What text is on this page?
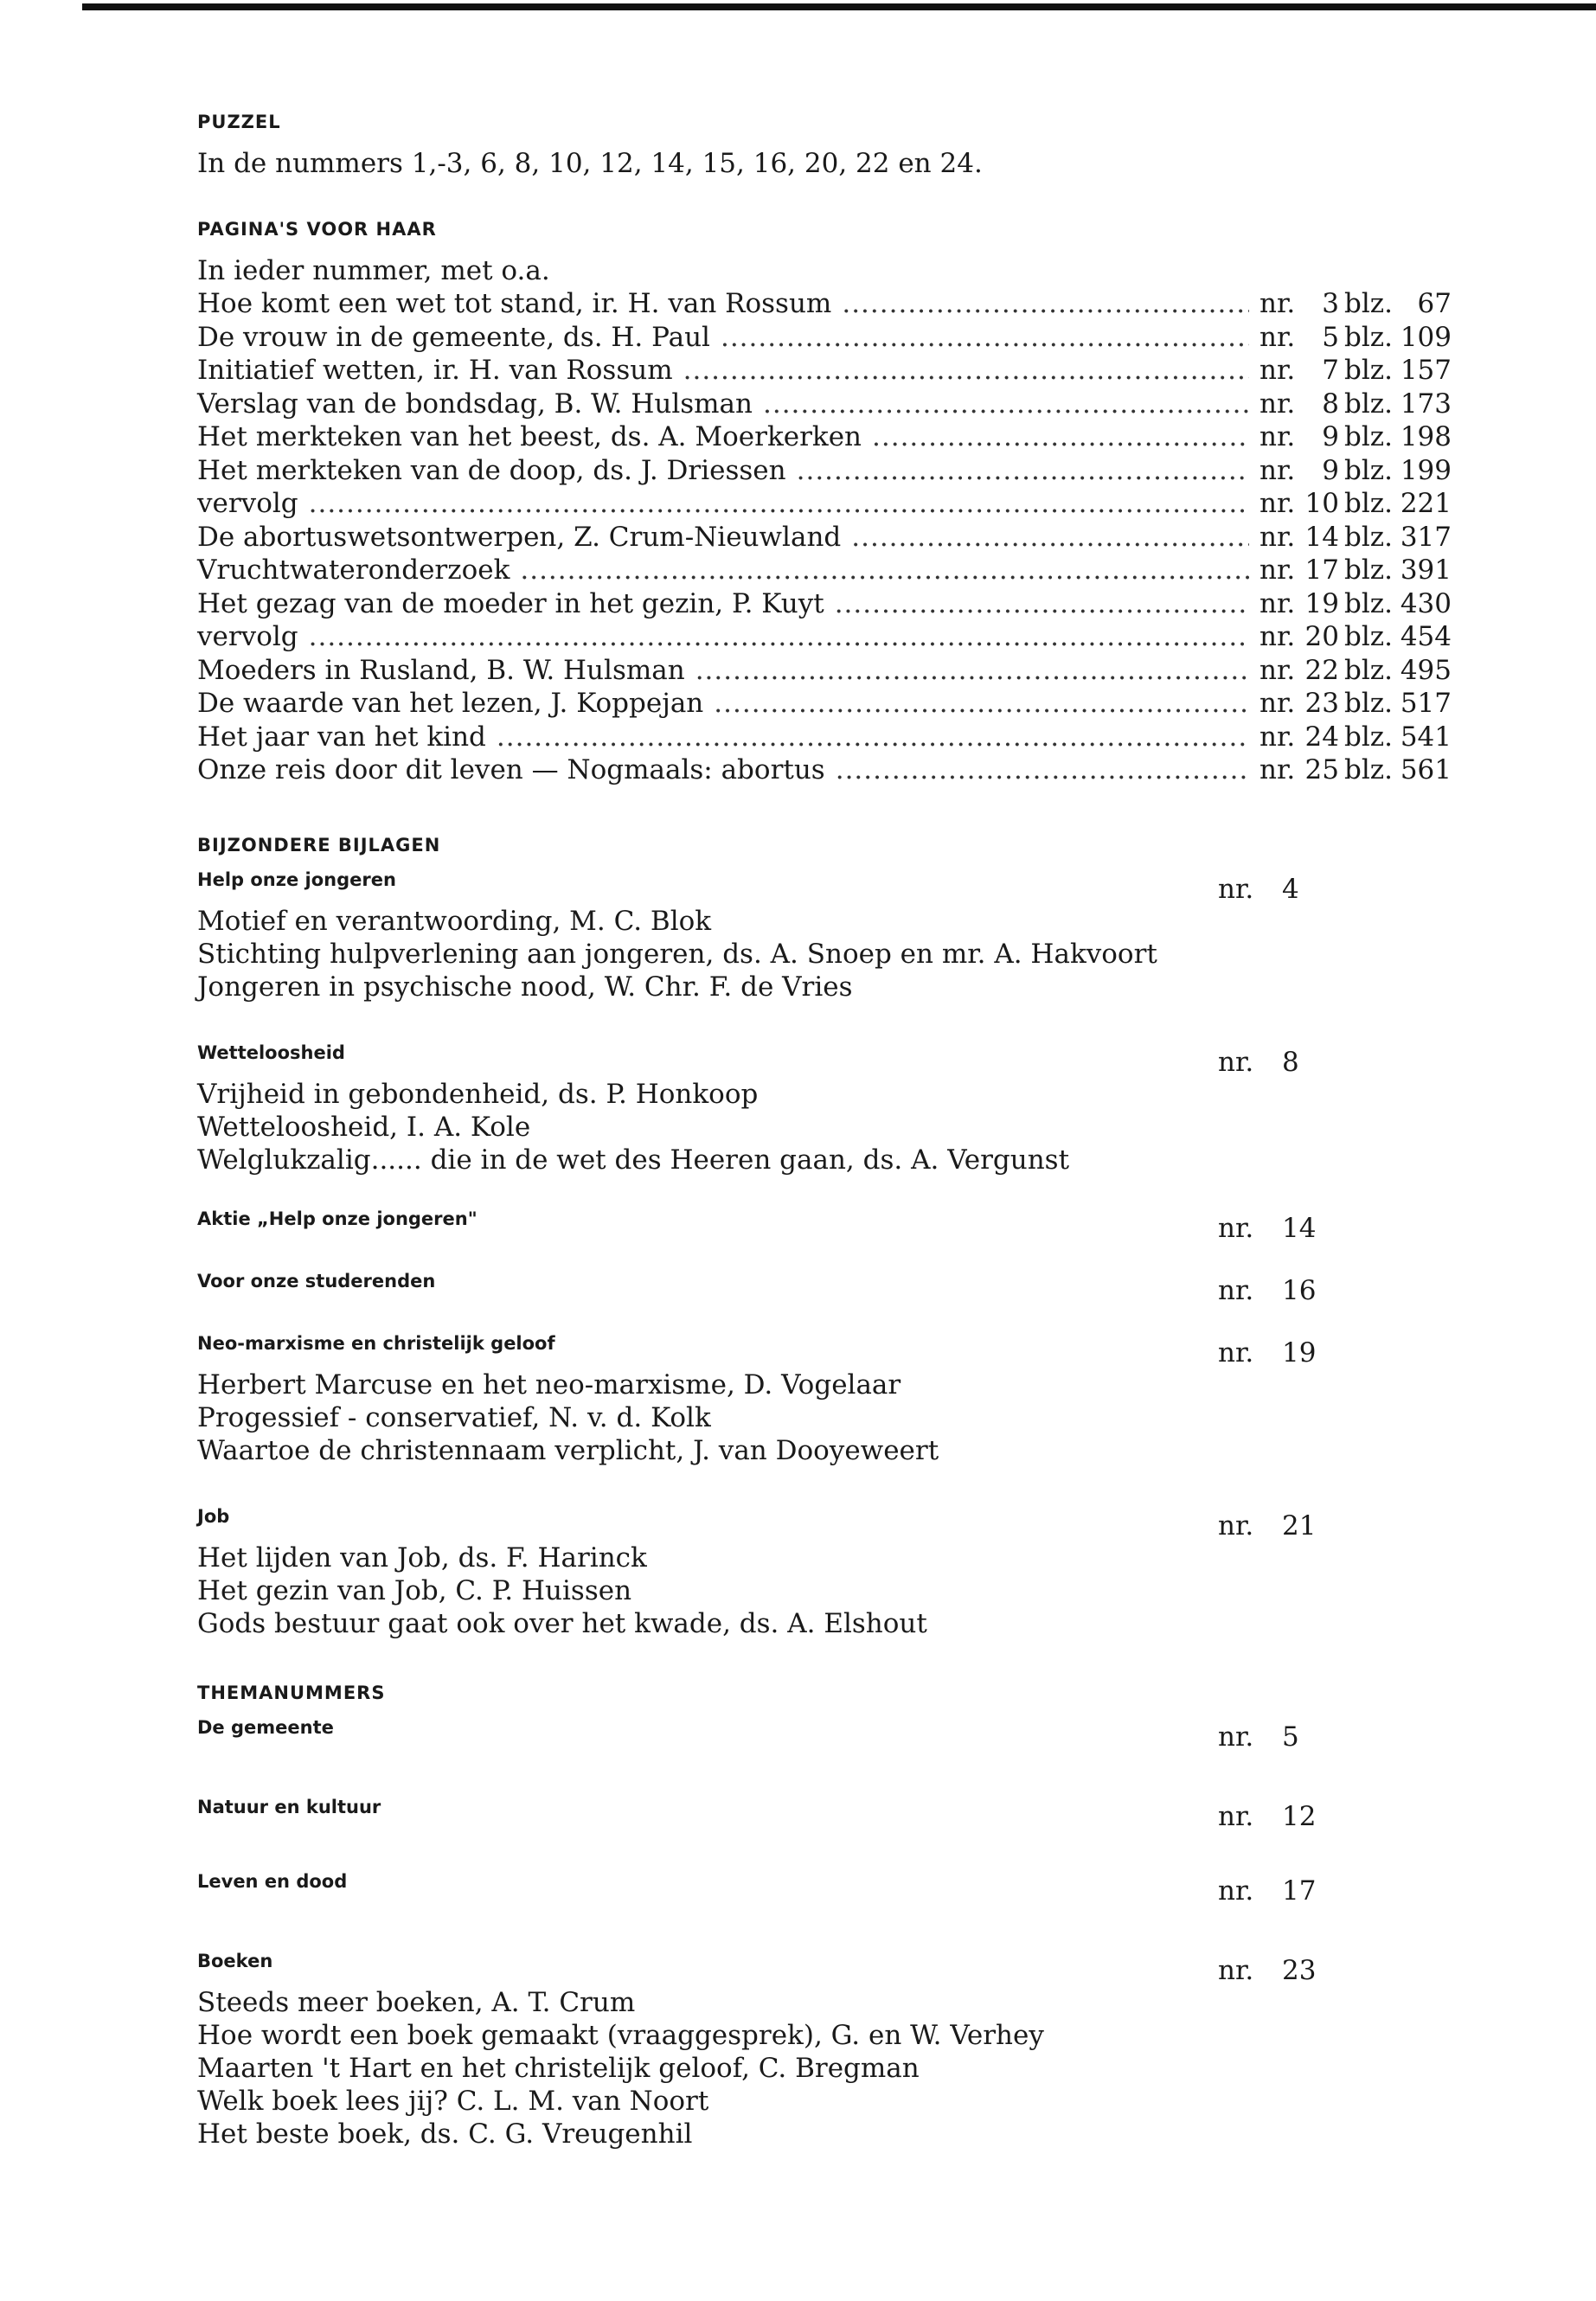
PUZZEL

In de nummers 1,-3, 6, 8, 10, 12, 14, 15, 16, 20, 22 en 24.

PAGINA'S VOOR HAAR

In ieder nummer, met o.a.

Hoe komt een wet tot stand, ir. H. van Rossum .....	nr.	3 blz. 67
De vrouw in de gemeente, ds. H. Paul .....	nr.	5 blz. 109
Initiatief wetten, ir. H. van Rossum .....	nr.	7 blz. 157
Verslag van de bondsdag, B. W. Hulsman .....	nr.	8 blz. 173
Het merkteken van het beest, ds. A. Moerkerken .....	nr.	9 blz. 198
Het merkteken van de doop, ds. J. Driessen .....	nr.	9 blz. 199
vervolg .....	nr. 10 blz. 221
De abortuswetsontwerpen, Z. Crum-Nieuwland .....	nr. 14 blz. 317
Vruchtwateronderzoek .....	nr. 17 blz. 391
Het gezag van de moeder in het gezin, P. Kuyt .....	nr. 19 blz. 430
vervolg .....	nr. 20 blz. 454
Moeders in Rusland, B. W. Hulsman .....	nr. 22 blz. 495
De waarde van het lezen, J. Koppejan .....	nr. 23 blz. 517
Het jaar van het kind .....	nr. 24 blz. 541
Onze reis door dit leven — Nogmaals: abortus .....	nr. 25 blz. 561
BIJZONDERE BIJLAGEN
Help onze jongeren	nr. 4

Motief en verantwoording, M. C. Blok

Stichting hulpverlening aan jongeren, ds. A. Snoep en mr. A. Hakvoort

Jongeren in psychische nood, W. Chr. F. de Vries

Wetteloosheid	nr. 8

Vrijheid in gebondenheid, ds. P. Honkoop

Wetteloosheid, I. A. Kole

Welglukzalig...... die in de wet des Heeren gaan, ds. A. Vergunst

Aktie „Help onze jongeren"	nr. 14
Voor onze studerenden	nr. 16
Neo-marxisme en christelijk geloof	nr. 19

Herbert Marcuse en het neo-marxisme, D. Vogelaar

Progessief - conservatief, N. v. d. Kolk

Waartoe de christennaam verplicht, J. van Dooyeweert

Job	nr. 21

Het lijden van Job, ds. F. Harinck

Het gezin van Job, C. P. Huissen

Gods bestuur gaat ook over het kwade, ds. A. Elshout

THEMANUMMERS
De gemeente	nr. 5
Natuur en kultuur	nr. 12
Leven en dood	nr. 17
Boeken	nr. 23

Steeds meer boeken, A. T. Crum

Hoe wordt een boek gemaakt (vraaggesprek), G. en W. Verhey

Maarten 't Hart en het christelijk geloof, C. Bregman

Welk boek lees jij? C. L. M. van Noort

Het beste boek, ds. C. G. Vreugenhil
